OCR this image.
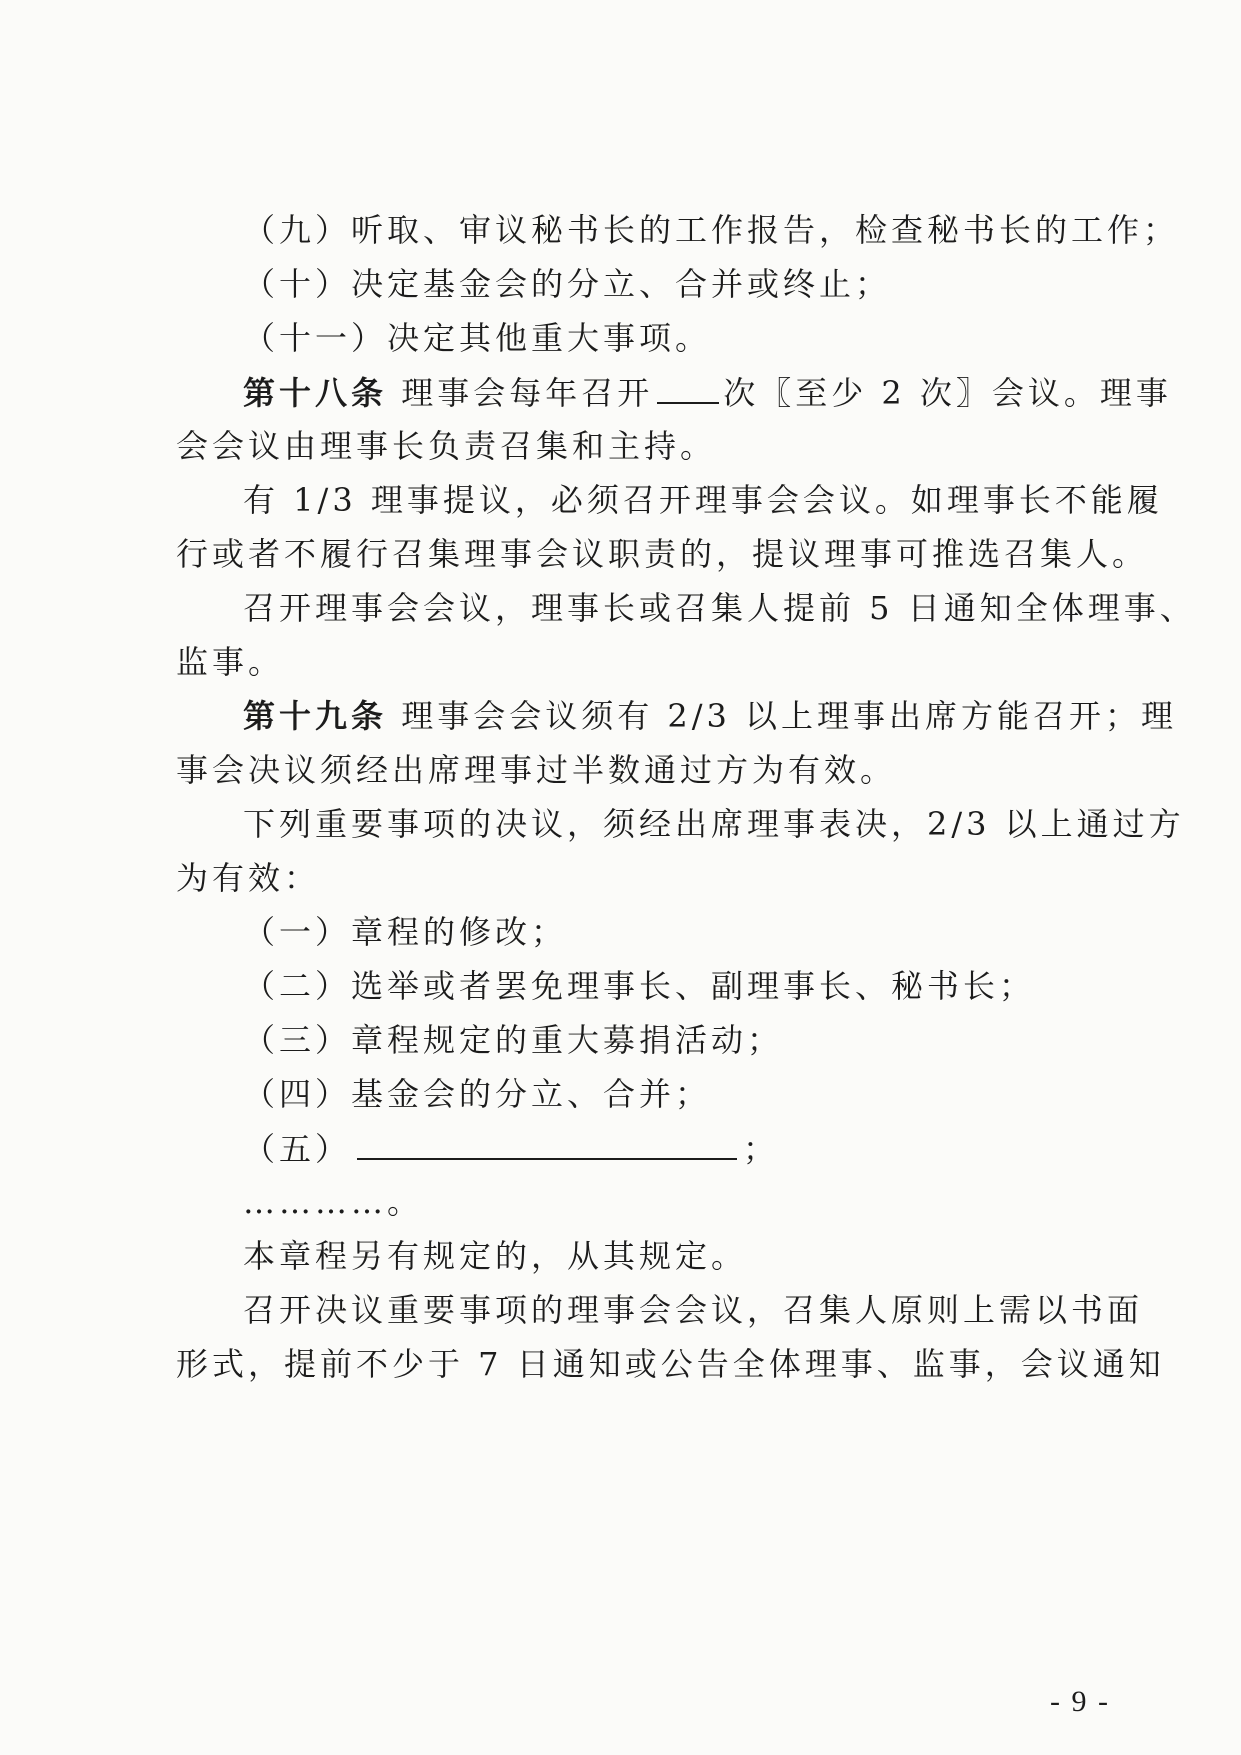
（九）听取、审议秘书长的工作报告，检查秘书长的工作；
（十）决定基金会的分立、合并或终止；
（十一）决定其他重大事项。
第十八条 理事会每年召开 次〖至少 2 次〗会议。理事
会会议由理事长负责召集和主持。
有 1/3 理事提议，必须召开理事会会议。如理事长不能履
行或者不履行召集理事会议职责的，提议理事可推选召集人。
召开理事会会议，理事长或召集人提前 5 日通知全体理事、
监事。
第十九条 理事会会议须有 2/3 以上理事出席方能召开；理
事会决议须经出席理事过半数通过方为有效。
下列重要事项的决议，须经出席理事表决，2/3 以上通过方
为有效：
（一）章程的修改；
（二）选举或者罢免理事长、副理事长、秘书长；
（三）章程规定的重大募捐活动；
（四）基金会的分立、合并；
（五）	；
…………。
本章程另有规定的，从其规定。
召开决议重要事项的理事会会议，召集人原则上需以书面
形式，提前不少于 7 日通知或公告全体理事、监事，会议通知
- 9 -
